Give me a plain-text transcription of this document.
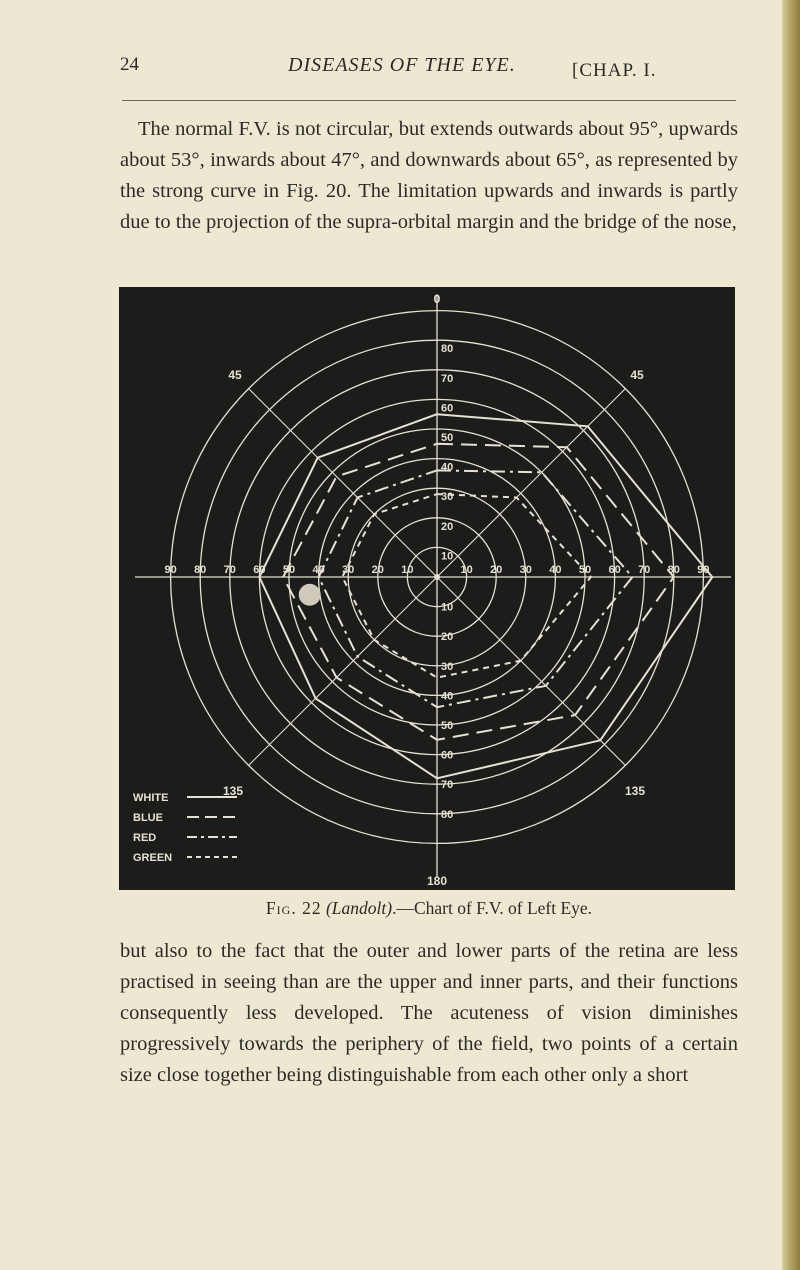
24	DISEASES OF THE EYE.	[CHAP. I.

The normal F.V. is not circular, but extends outwards about 95°, upwards about 53°, inwards about 47°, and downwards about 65°, as represented by the strong curve in Fig. 20. The limitation upwards and inwards is partly due to the projection of the supra-orbital margin and the bridge of the nose,

10
20
30
40
50
60
70
80
10
20
30
40
50
60
70
80
10
20
30
40
50
60
70
80
90	10 20 30 40 50 60 70 80 90
0
180
45	45
135	135
WHITE
BLUE
RED
GREEN
Fig. 22 (Landolt).—Chart of F.V. of Left Eye.

but also to the fact that the outer and lower parts of the retina are less practised in seeing than are the upper and inner parts, and their functions consequently less developed. The acuteness of vision diminishes progressively towards the periphery of the field, two points of a certain size close together being distinguishable from each other only a short
